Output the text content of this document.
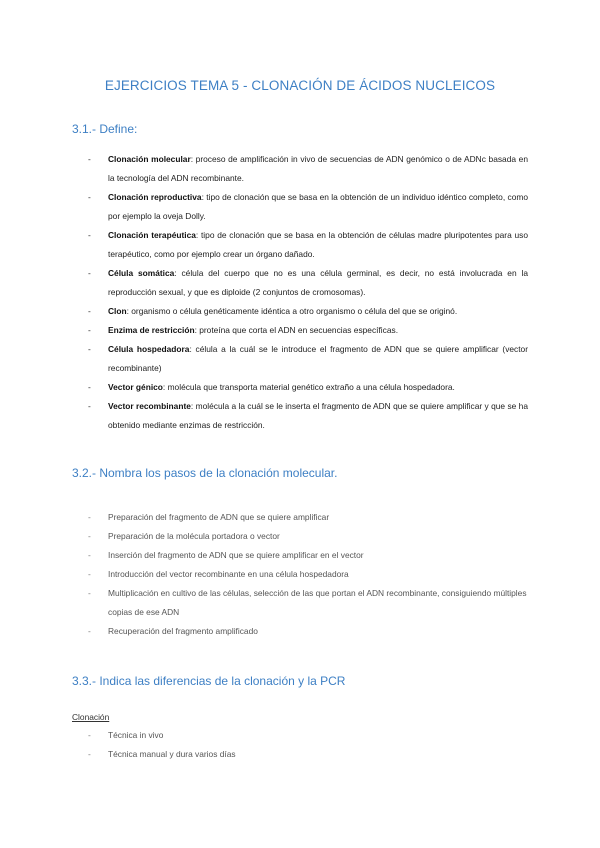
EJERCICIOS TEMA 5 - CLONACIÓN DE ÁCIDOS NUCLEICOS
3.1.- Define:
- Clonación molecular: proceso de amplificación in vivo de secuencias de ADN genómico o de ADNc basada en la tecnología del ADN recombinante.
- Clonación reproductiva: tipo de clonación que se basa en la obtención de un individuo idéntico completo, como por ejemplo la oveja Dolly.
- Clonación terapéutica: tipo de clonación que se basa en la obtención de células madre pluripotentes para uso terapéutico, como por ejemplo crear un órgano dañado.
- Célula somática: célula del cuerpo que no es una célula germinal, es decir, no está involucrada en la reproducción sexual, y que es diploide (2 conjuntos de cromosomas).
- Clon: organismo o célula genéticamente idéntica a otro organismo o célula del que se originó.
- Enzima de restricción: proteína que corta el ADN en secuencias específicas.
- Célula hospedadora: célula a la cuál se le introduce el fragmento de ADN que se quiere amplificar (vector recombinante)
- Vector génico: molécula que transporta material genético extraño a una célula hospedadora.
- Vector recombinante: molécula a la cuál se le inserta el fragmento de ADN que se quiere amplificar y que se ha obtenido mediante enzimas de restricción.
3.2.- Nombra los pasos de la clonación molecular.
- Preparación del fragmento de ADN que se quiere amplificar
- Preparación de la molécula portadora o vector
- Inserción del fragmento de ADN que se quiere amplificar en el vector
- Introducción del vector recombinante en una célula hospedadora
- Multiplicación en cultivo de las células, selección de las que portan el ADN recombinante, consiguiendo múltiples copias de ese ADN
- Recuperación del fragmento amplificado
3.3.- Indica las diferencias de la clonación y la PCR
Clonación
- Técnica in vivo
- Técnica manual y dura varios días
